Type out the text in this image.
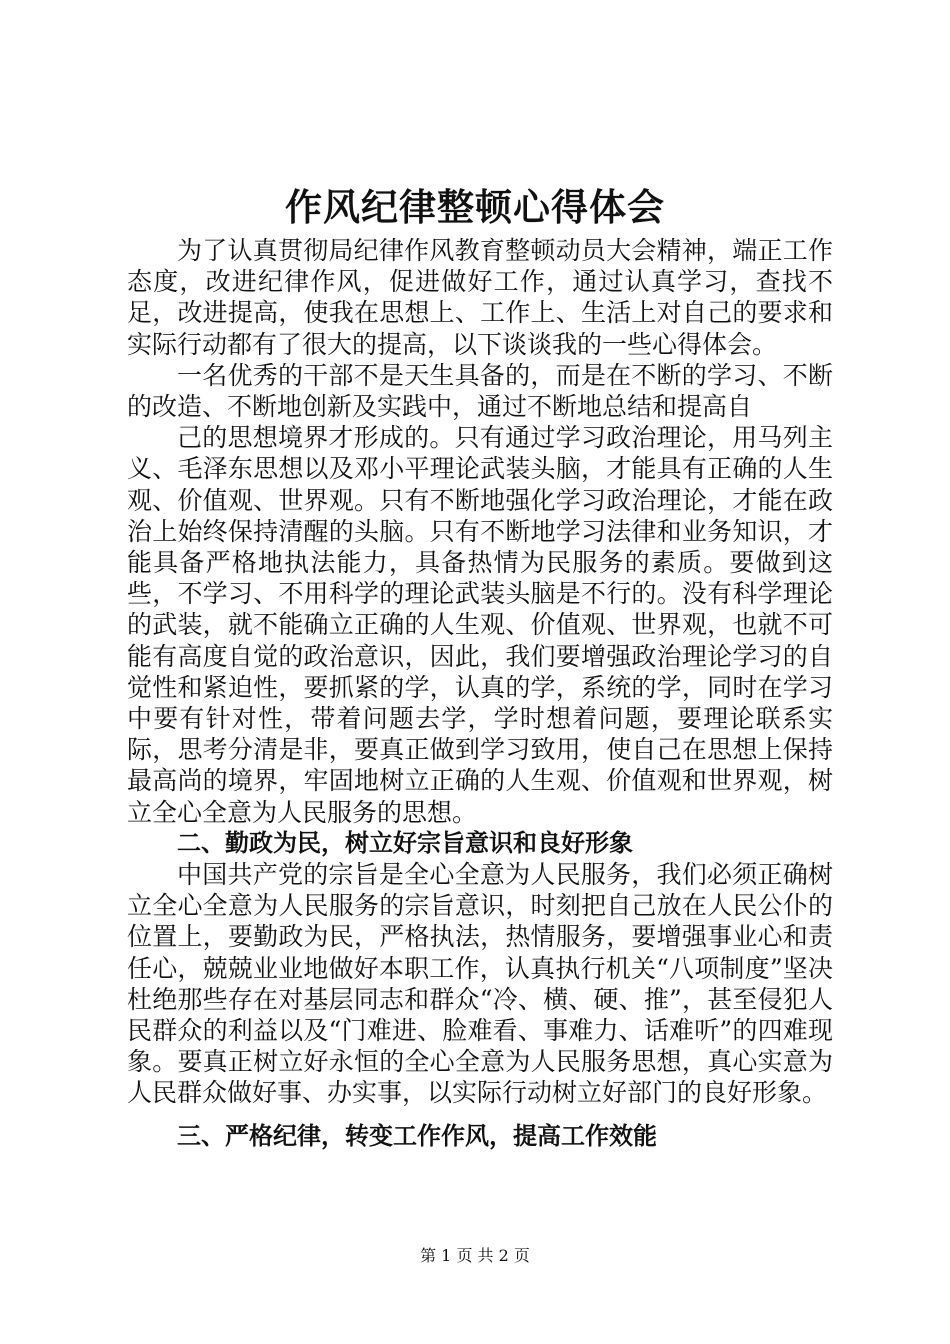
作风纪律整顿心得体会

为了认真贯彻局纪律作风教育整顿动员大会精神，端正工作态度，改进纪律作风，促进做好工作，通过认真学习，查找不足，改进提高，使我在思想上、工作上、生活上对自己的要求和实际行动都有了很大的提高，以下谈谈我的一些心得体会。

一名优秀的干部不是天生具备的，而是在不断的学习、不断的改造、不断地创新及实践中，通过不断地总结和提高自

己的思想境界才形成的。只有通过学习政治理论，用马列主义、毛泽东思想以及邓小平理论武装头脑，才能具有正确的人生观、价值观、世界观。只有不断地强化学习政治理论，才能在政治上始终保持清醒的头脑。只有不断地学习法律和业务知识，才能具备严格地执法能力，具备热情为民服务的素质。要做到这些，不学习、不用科学的理论武装头脑是不行的。没有科学理论的武装，就不能确立正确的人生观、价值观、世界观，也就不可能有高度自觉的政治意识，因此，我们要增强政治理论学习的自觉性和紧迫性，要抓紧的学，认真的学，系统的学，同时在学习中要有针对性，带着问题去学，学时想着问题，要理论联系实际，思考分清是非，要真正做到学习致用，使自己在思想上保持最高尚的境界，牢固地树立正确的人生观、价值观和世界观，树立全心全意为人民服务的思想。

二、勤政为民，树立好宗旨意识和良好形象

中国共产党的宗旨是全心全意为人民服务，我们必须正确树立全心全意为人民服务的宗旨意识，时刻把自己放在人民公仆的位置上，要勤政为民，严格执法，热情服务，要增强事业心和责任心，兢兢业业地做好本职工作，认真执行机关“八项制度”坚决杜绝那些存在对基层同志和群众“冷、横、硬、推”，甚至侵犯人民群众的利益以及“门难进、脸难看、事难力、话难听”的四难现象。要真正树立好永恒的全心全意为人民服务思想，真心实意为人民群众做好事、办实事，以实际行动树立好部门的良好形象。

三、严格纪律，转变工作作风，提高工作效能

第 1 页 共 2 页
